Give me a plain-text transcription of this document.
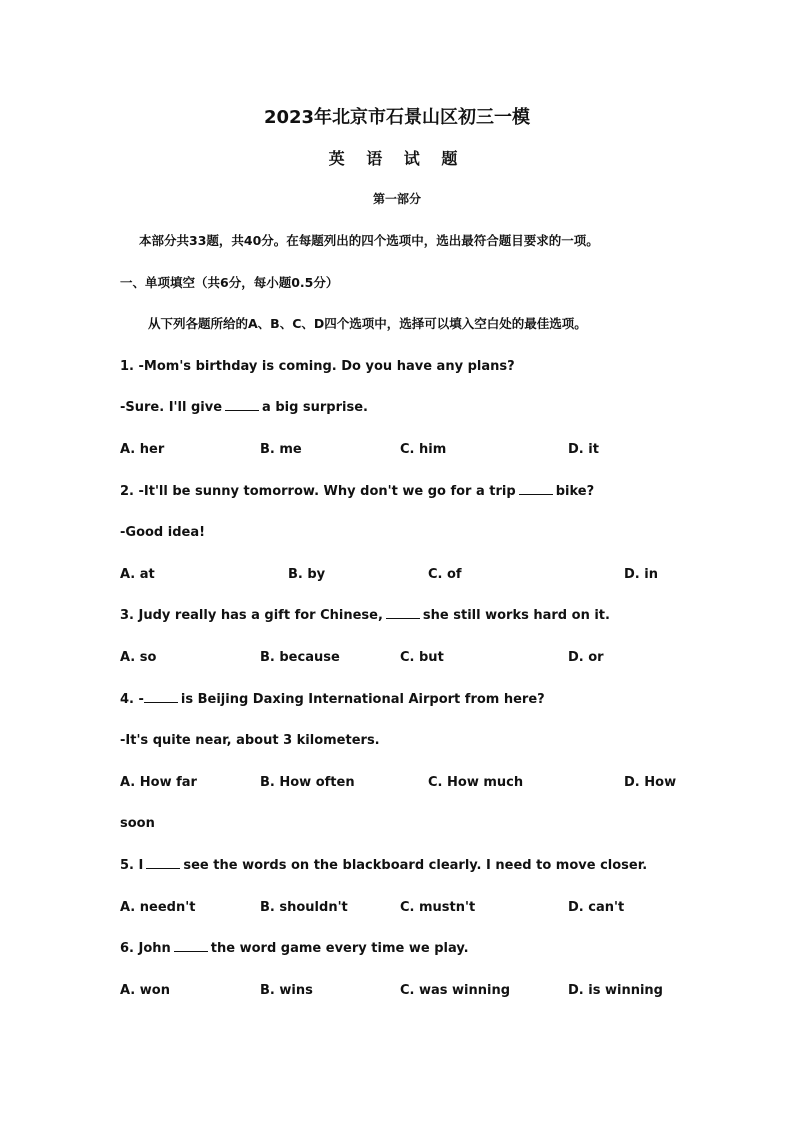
2023年北京市石景山区初三一模
英 语 试 题
第一部分
本部分共33题，共40分。在每题列出的四个选项中，选出最符合题目要求的一项。
一、单项填空（共6分，每小题0.5分）
从下列各题所给的A、B、C、D四个选项中，选择可以填入空白处的最佳选项。
1. -Mom's birthday is coming. Do you have any plans?
-Sure. I'll give	a big surprise.
A. her	B. me	C. him	D. it
2. -It'll be sunny tomorrow. Why don't we go for a trip	bike?
-Good idea!
A. at	B. by	C. of	D. in
3. Judy really has a gift for Chinese,	she still works hard on it.
A. so	B. because	C. but	D. or
4. -	is Beijing Daxing International Airport from here?
-It's quite near, about 3 kilometers.
A. How far	B. How often	C. How much	D. How
soon
5. I	see the words on the blackboard clearly. I need to move closer.
A. needn't	B. shouldn't	C. mustn't	D. can't
6. John	the word game every time we play.
A. won	B. wins	C. was winning	D. is winning
